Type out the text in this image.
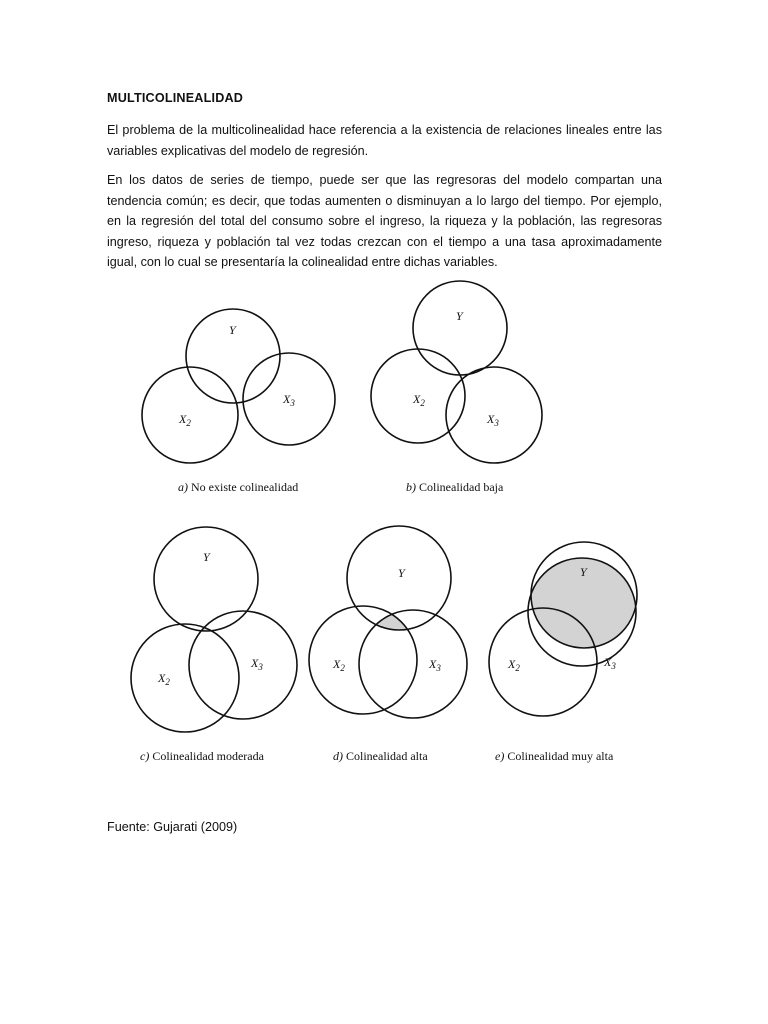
MULTICOLINEALIDAD

El problema de la multicolinealidad hace referencia a la existencia de relaciones lineales entre las variables explicativas del modelo de regresión.

En los datos de series de tiempo, puede ser que las regresoras del modelo compartan una tendencia común; es decir, que todas aumenten o disminuyan a lo largo del tiempo. Por ejemplo, en la regresión del total del consumo sobre el ingreso, la riqueza y la población, las regresoras ingreso, riqueza y población tal vez todas crezcan con el tiempo a una tasa aproximadamente igual, con lo cual se presentaría la colinealidad entre dichas variables.

Y
$X_2$
$X_3$
a) No existe colinealidad
Y
$X_2$
$X_3$
b) Colinealidad baja
Y
$X_2$
$X_3$
c) Colinealidad moderada
Y
$X_2$	$X_3$
d) Colinealidad alta
Y
$X_2$	$X_3$
e) Colinealidad muy alta
Fuente: Gujarati (2009)
